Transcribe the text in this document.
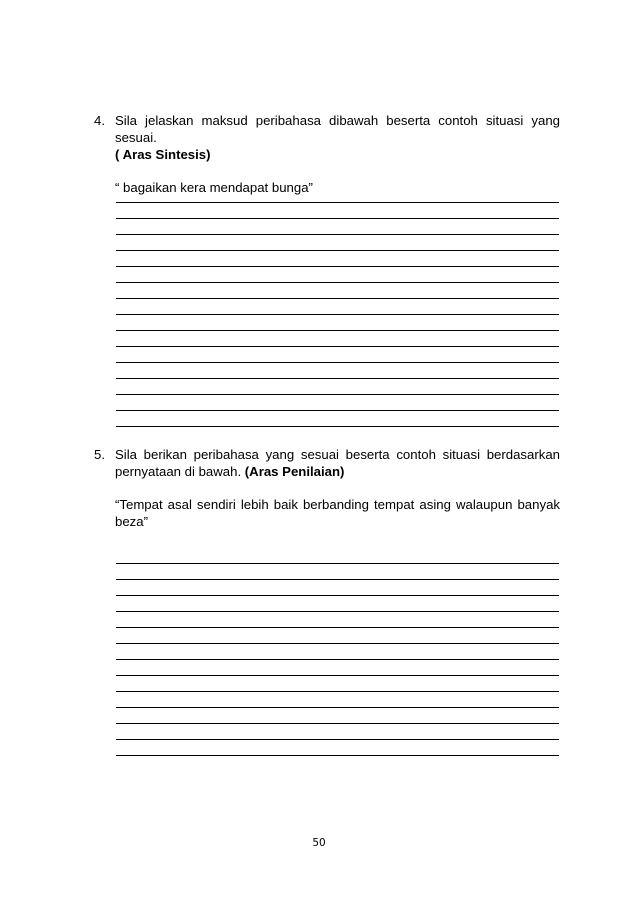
4. Sila jelaskan maksud peribahasa dibawah beserta contoh situasi yang sesuai.
( Aras Sintesis)
“ bagaikan kera mendapat bunga”
5. Sila berikan peribahasa yang sesuai beserta contoh situasi berdasarkan pernyataan di bawah. (Aras Penilaian)
“Tempat asal sendiri lebih baik berbanding tempat asing walaupun banyak beza”
50
